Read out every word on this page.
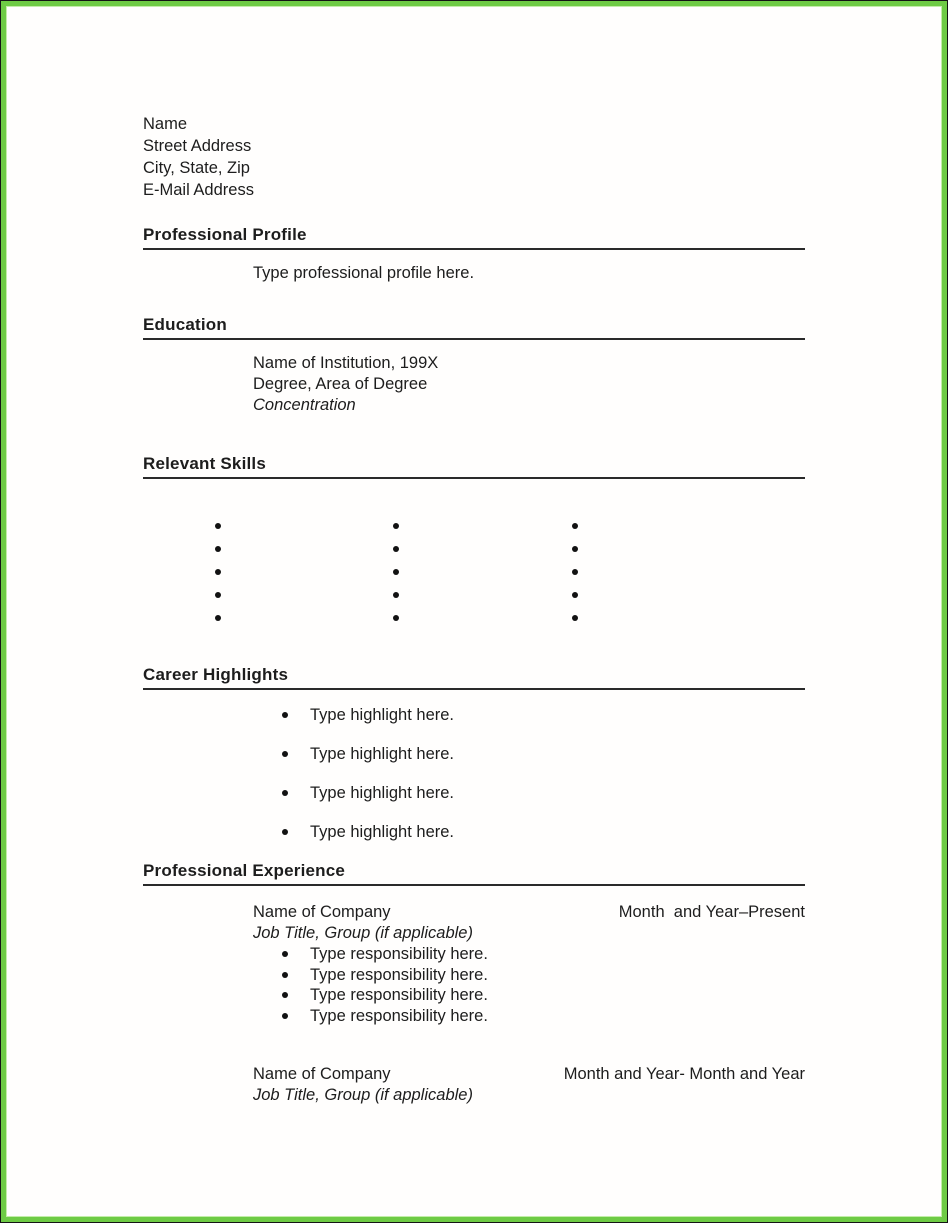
Name
Street Address
City, State, Zip
E-Mail Address
Professional Profile
Type professional profile here.
Education
Name of Institution, 199X
Degree, Area of Degree
Concentration
Relevant Skills
Career Highlights
Type highlight here.
Type highlight here.
Type highlight here.
Type highlight here.
Professional Experience
Name of Company	Month  and Year–Present
Job Title, Group (if applicable)
Type responsibility here.
Type responsibility here.
Type responsibility here.
Type responsibility here.
Name of Company	Month and Year- Month and Year
Job Title, Group (if applicable)
